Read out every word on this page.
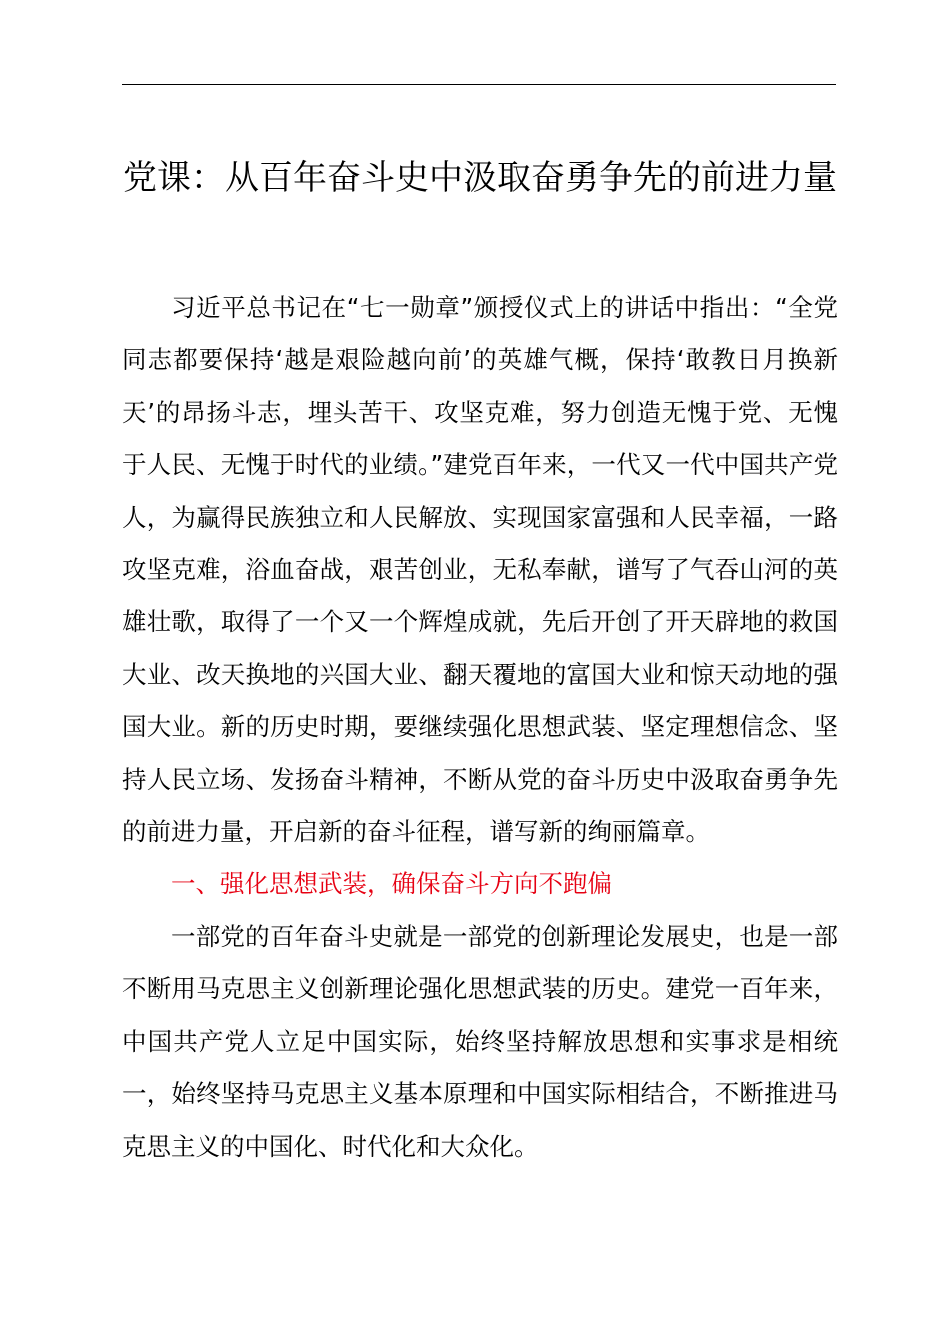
党课：从百年奋斗史中汲取奋勇争先的前进力量

习近平总书记在“七一勋章”颁授仪式上的讲话中指出：“全党同志都要保持‘越是艰险越向前’的英雄气概，保持‘敢教日月换新天’的昂扬斗志，埋头苦干、攻坚克难，努力创造无愧于党、无愧于人民、无愧于时代的业绩。”建党百年来，一代又一代中国共产党人，为赢得民族独立和人民解放、实现国家富强和人民幸福，一路攻坚克难，浴血奋战，艰苦创业，无私奉献，谱写了气吞山河的英雄壮歌，取得了一个又一个辉煌成就，先后开创了开天辟地的救国大业、改天换地的兴国大业、翻天覆地的富国大业和惊天动地的强国大业。新的历史时期，要继续强化思想武装、坚定理想信念、坚持人民立场、发扬奋斗精神，不断从党的奋斗历史中汲取奋勇争先的前进力量，开启新的奋斗征程，谱写新的绚丽篇章。

一、强化思想武装，确保奋斗方向不跑偏

一部党的百年奋斗史就是一部党的创新理论发展史，也是一部不断用马克思主义创新理论强化思想武装的历史。建党一百年来，中国共产党人立足中国实际，始终坚持解放思想和实事求是相统一，始终坚持马克思主义基本原理和中国实际相结合，不断推进马克思主义的中国化、时代化和大众化。
